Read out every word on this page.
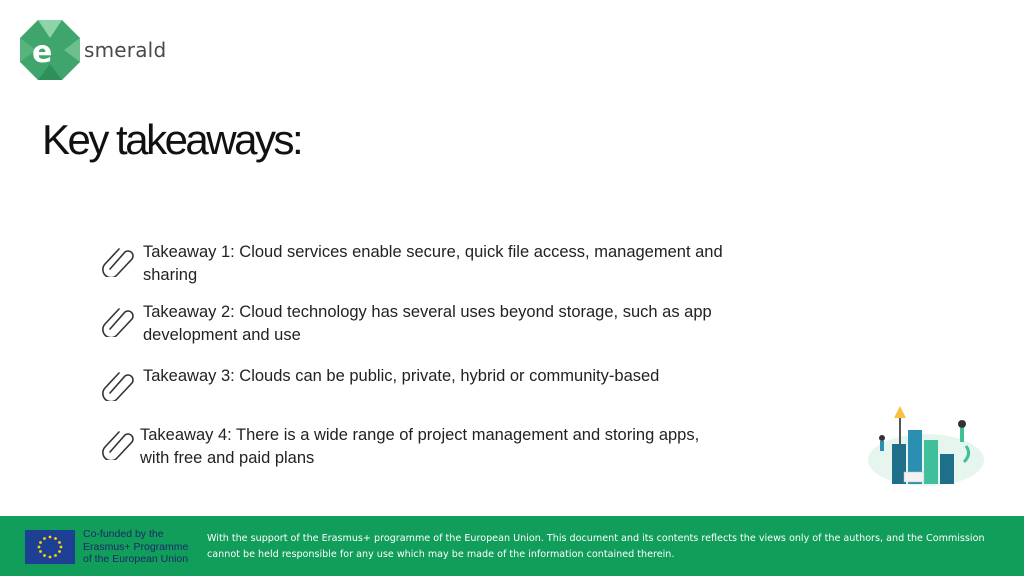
e smerald
Key takeaways:
Takeaway 1: Cloud services enable secure, quick file access, management and sharing
Takeaway 2: Cloud technology has several uses beyond storage, such as app development and use
Takeaway 3: Clouds can be public, private, hybrid or community-based
Takeaway 4: There is a wide range of project management and storing apps, with free and paid plans
Co-funded by the
Erasmus+ Programme
of the European Union
With the support of the Erasmus+ programme of the European Union. This document and its contents reflects the views only of the authors, and the Commission cannot be held responsible for any use which may be made of the information contained therein.
